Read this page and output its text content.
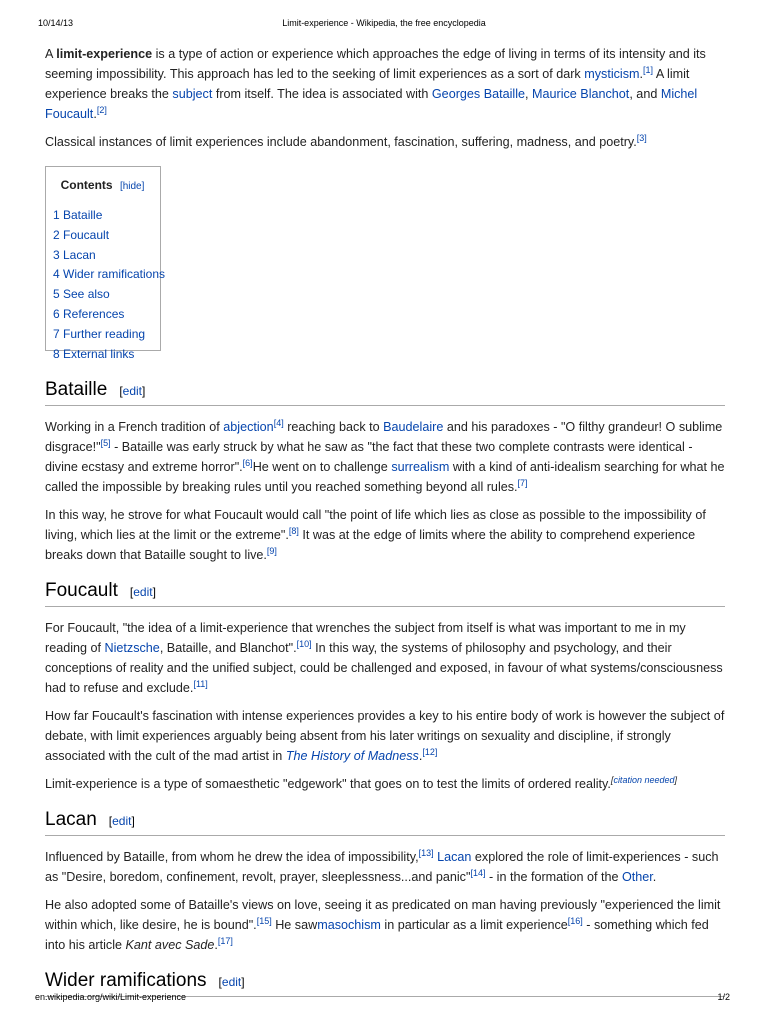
10/14/13	Limit-experience - Wikipedia, the free encyclopedia

A limit-experience is a type of action or experience which approaches the edge of living in terms of its intensity and its seeming impossibility. This approach has led to the seeking of limit experiences as a sort of dark mysticism.[1] A limit experience breaks the subject from itself. The idea is associated with Georges Bataille, Maurice Blanchot, and Michel Foucault.[2]

Classical instances of limit experiences include abandonment, fascination, suffering, madness, and poetry.[3]

Contents [hide]
1 Bataille
2 Foucault
3 Lacan
4 Wider ramifications
5 See also
6 References
7 Further reading
8 External links
Bataille [edit]

Working in a French tradition of abjection[4] reaching back to Baudelaire and his paradoxes - "O filthy grandeur! O sublime disgrace!"[5] - Bataille was early struck by what he saw as "the fact that these two complete contrasts were identical - divine ecstasy and extreme horror".[6]He went on to challenge surrealism with a kind of anti-idealism searching for what he called the impossible by breaking rules until you reached something beyond all rules.[7]

In this way, he strove for what Foucault would call "the point of life which lies as close as possible to the impossibility of living, which lies at the limit or the extreme".[8] It was at the edge of limits where the ability to comprehend experience breaks down that Bataille sought to live.[9]

Foucault [edit]

For Foucault, "the idea of a limit-experience that wrenches the subject from itself is what was important to me in my reading of Nietzsche, Bataille, and Blanchot".[10] In this way, the systems of philosophy and psychology, and their conceptions of reality and the unified subject, could be challenged and exposed, in favour of what systems/consciousness had to refuse and exclude.[11]

How far Foucault's fascination with intense experiences provides a key to his entire body of work is however the subject of debate, with limit experiences arguably being absent from his later writings on sexuality and discipline, if strongly associated with the cult of the mad artist in The History of Madness.[12]

Limit-experience is a type of somaesthetic "edgework" that goes on to test the limits of ordered reality.[citation needed]

Lacan [edit]

Influenced by Bataille, from whom he drew the idea of impossibility,[13] Lacan explored the role of limit-experiences - such as "Desire, boredom, confinement, revolt, prayer, sleeplessness...and panic"[14] - in the formation of the Other.

He also adopted some of Bataille's views on love, seeing it as predicated on man having previously "experienced the limit within which, like desire, he is bound".[15] He sawmasochism in particular as a limit experience[16] - something which fed into his article Kant avec Sade.[17]

Wider ramifications [edit]
en.wikipedia.org/wiki/Limit-experience	1/2
